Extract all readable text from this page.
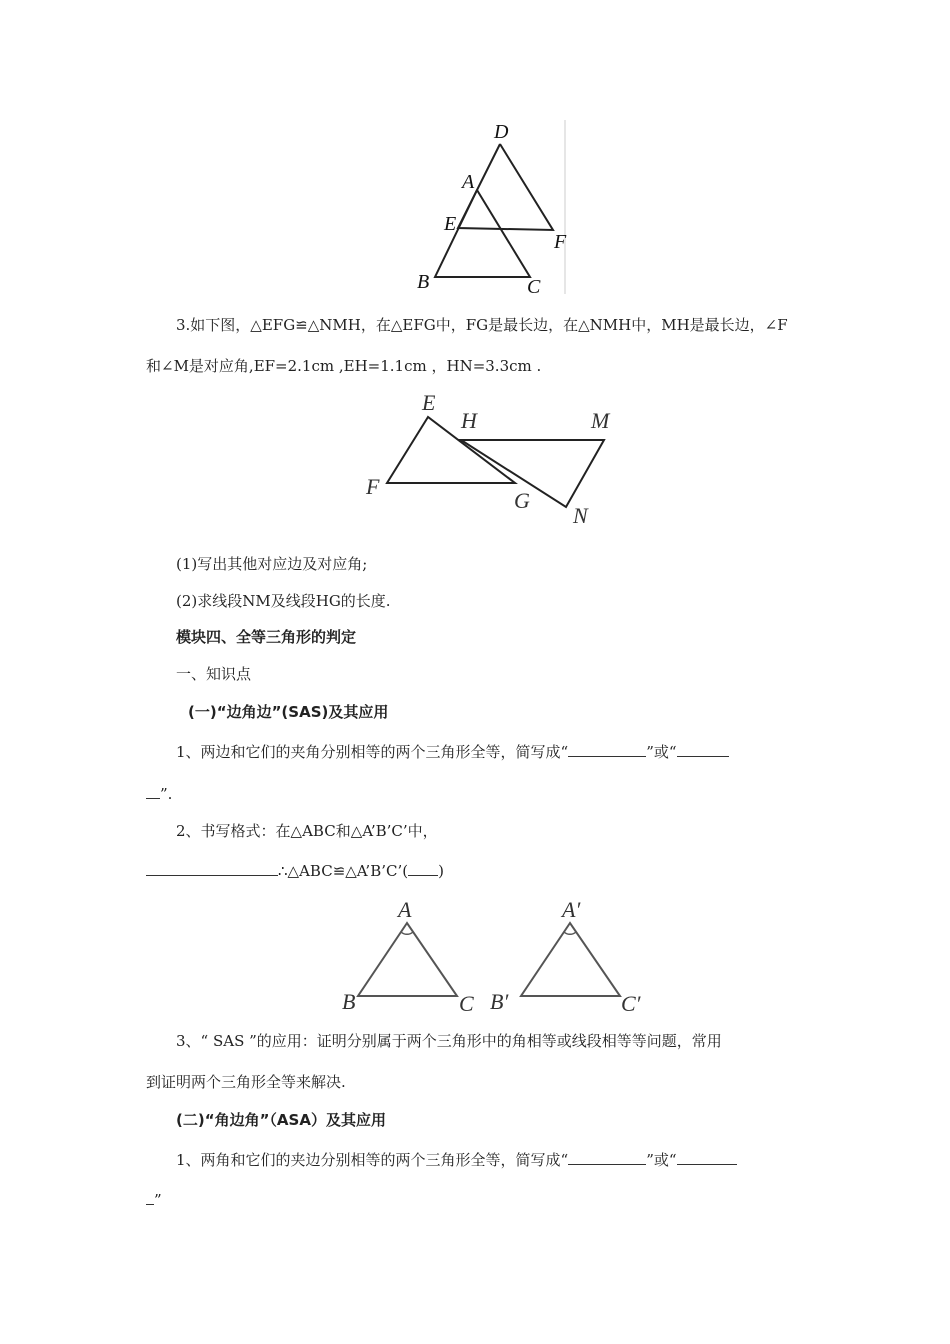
D
A
E
F
B	C
3.如下图，△EFG≌△NMH，在△EFG中，FG是最长边，在△NMH中，MH是最长边，∠F
和∠M是对应角,EF=2.1cm ,EH=1.1cm ，HN=3.3cm .
E
H	M
F
G
N
(1)写出其他对应边及对应角;
(2)求线段NM及线段HG的长度.
模块四、全等三角形的判定
一、知识点
(一)“边角边”(SAS)及其应用
1、两边和它们的夹角分别相等的两个三角形全等，简写成“	”或“
”.
2、书写格式：在△ABC和△A’B’C’中，
∴△ABC≌△A’B’C’( )
A
B	C
A′
B′	C′
3、“ SAS ”的应用：证明分别属于两个三角形中的角相等或线段相等等问题，常用
到证明两个三角形全等来解决.
(二)“角边角”（ASA）及其应用
1、两角和它们的夹边分别相等的两个三角形全等，简写成“	”或“
”
